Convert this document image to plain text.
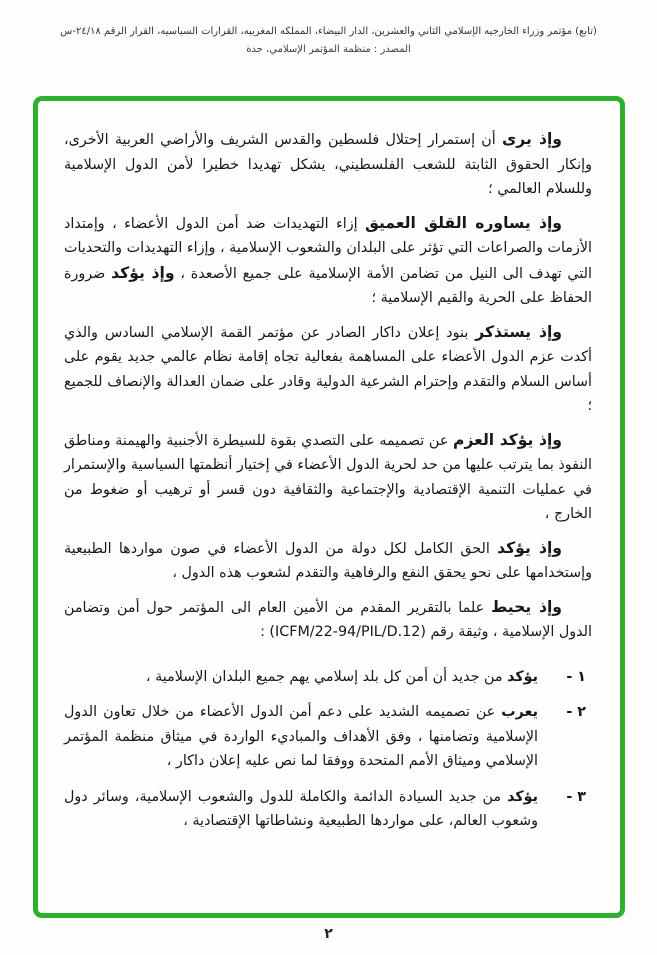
(تابع) مؤتمر وزراء الخارجيه الإسلامي الثاني والعشرين، الدار البيضاء، المملكه المغربيه، القرارات السياسيه، القرار الرقم ٢٤/١٨-س
المصدر : منظمة المؤتمر الإسلامي، جدة

وإذ يرى أن إستمرار إحتلال فلسطين والقدس الشريف والأراضي العربية الأخرى، وإنكار الحقوق الثابتة للشعب الفلسطيني، يشكل تهديدا خطيرا لأمن الدول الإسلامية وللسلام العالمي ؛

وإذ يساوره القلق العميق إزاء التهديدات ضد أمن الدول الأعضاء ، وإمتداد الأزمات والصراعات التي تؤثر على البلدان والشعوب الإسلامية ، وإزاء التهديدات والتحديات التي تهدف الى النيل من تضامن الأمة الإسلامية على جميع الأصعدة ، وإذ يؤكد ضرورة الحفاظ على الحرية والقيم الإسلامية ؛

وإذ يستذكر بنود إعلان داكار الصادر عن مؤتمر القمة الإسلامي السادس والذي أكدت عزم الدول الأعضاء على المساهمة بفعالية تجاه إقامة نظام عالمي جديد يقوم على أساس السلام والتقدم وإحترام الشرعية الدولية وقادر على ضمان العدالة والإنصاف للجميع ؛

وإذ يؤكد العزم عن تصميمه على التصدي بقوة للسيطرة الأجنبية والهيمنة ومناطق النفوذ بما يترتب عليها من حد لحرية الدول الأعضاء في إختيار أنظمتها السياسية والإستمرار في عمليات التنمية الإقتصادية والإجتماعية والثقافية دون قسر أو ترهيب أو ضغوط من الخارج ،

وإذ يؤكد الحق الكامل لكل دولة من الدول الأعضاء في صون مواردها الطبيعية وإستخدامها على نحو يحقق النفع والرفاهية والتقدم لشعوب هذه الدول ،

وإذ يحيط علما بالتقرير المقدم من الأمين العام الى المؤتمر حول أمن وتضامن الدول الإسلامية ، وثيقة رقم (ICFM/22-94/PIL/D.12) :

١ -
يؤكد من جديد أن أمن كل بلد إسلامي يهم جميع البلدان الإسلامية ،
٢ -
يعرب عن تصميمه الشديد على دعم أمن الدول الأعضاء من خلال تعاون الدول الإسلامية وتضامنها ، وفق الأهداف والمباديء الواردة في ميثاق منظمة المؤتمر الإسلامي وميثاق الأمم المتحدة ووفقا لما نص عليه إعلان داكار ،
٣ -
يؤكد من جديد السيادة الدائمة والكاملة للدول والشعوب الإسلامية، وسائر دول وشعوب العالم، على مواردها الطبيعية ونشاطاتها الإقتصادية ،
٢
